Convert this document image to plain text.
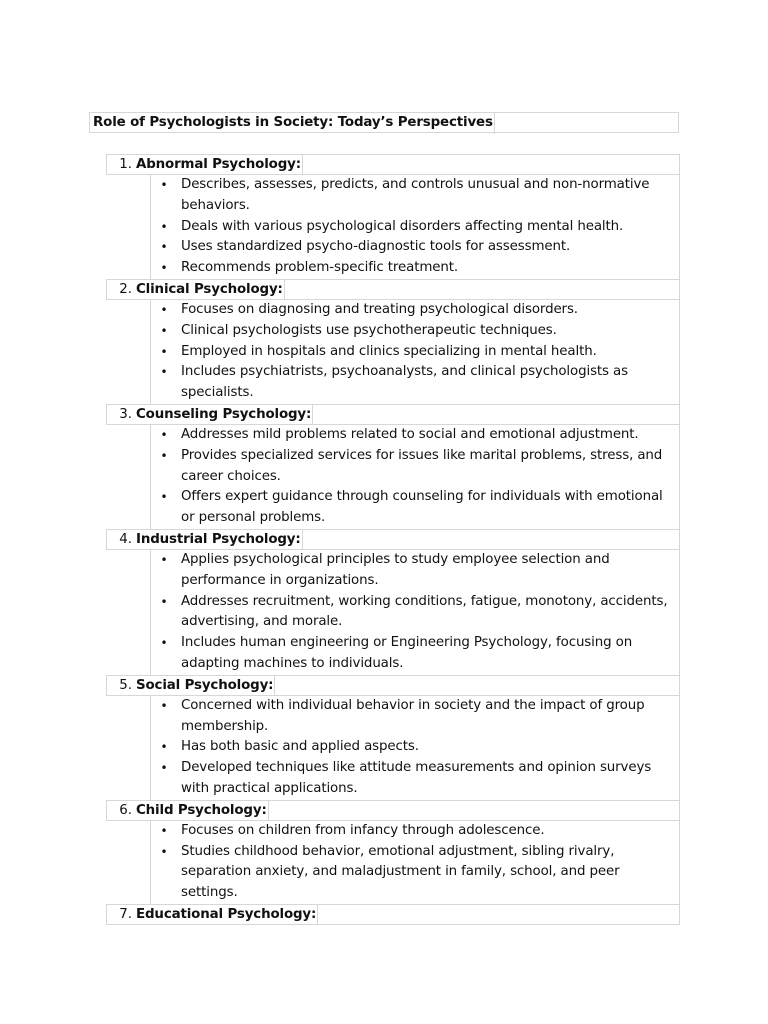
Role of Psychologists in Society: Today’s Perspectives
1. Abnormal Psychology:
• Describes, assesses, predicts, and controls unusual and non-normative behaviors.
• Deals with various psychological disorders affecting mental health.
• Uses standardized psycho-diagnostic tools for assessment.
• Recommends problem-specific treatment.
2. Clinical Psychology:
• Focuses on diagnosing and treating psychological disorders.
• Clinical psychologists use psychotherapeutic techniques.
• Employed in hospitals and clinics specializing in mental health.
• Includes psychiatrists, psychoanalysts, and clinical psychologists as specialists.
3. Counseling Psychology:
• Addresses mild problems related to social and emotional adjustment.
• Provides specialized services for issues like marital problems, stress, and career choices.
• Offers expert guidance through counseling for individuals with emotional or personal problems.
4. Industrial Psychology:
• Applies psychological principles to study employee selection and performance in organizations.
• Addresses recruitment, working conditions, fatigue, monotony, accidents, advertising, and morale.
• Includes human engineering or Engineering Psychology, focusing on adapting machines to individuals.
5. Social Psychology:
• Concerned with individual behavior in society and the impact of group membership.
• Has both basic and applied aspects.
• Developed techniques like attitude measurements and opinion surveys with practical applications.
6. Child Psychology:
• Focuses on children from infancy through adolescence.
• Studies childhood behavior, emotional adjustment, sibling rivalry, separation anxiety, and maladjustment in family, school, and peer settings.
7. Educational Psychology:
